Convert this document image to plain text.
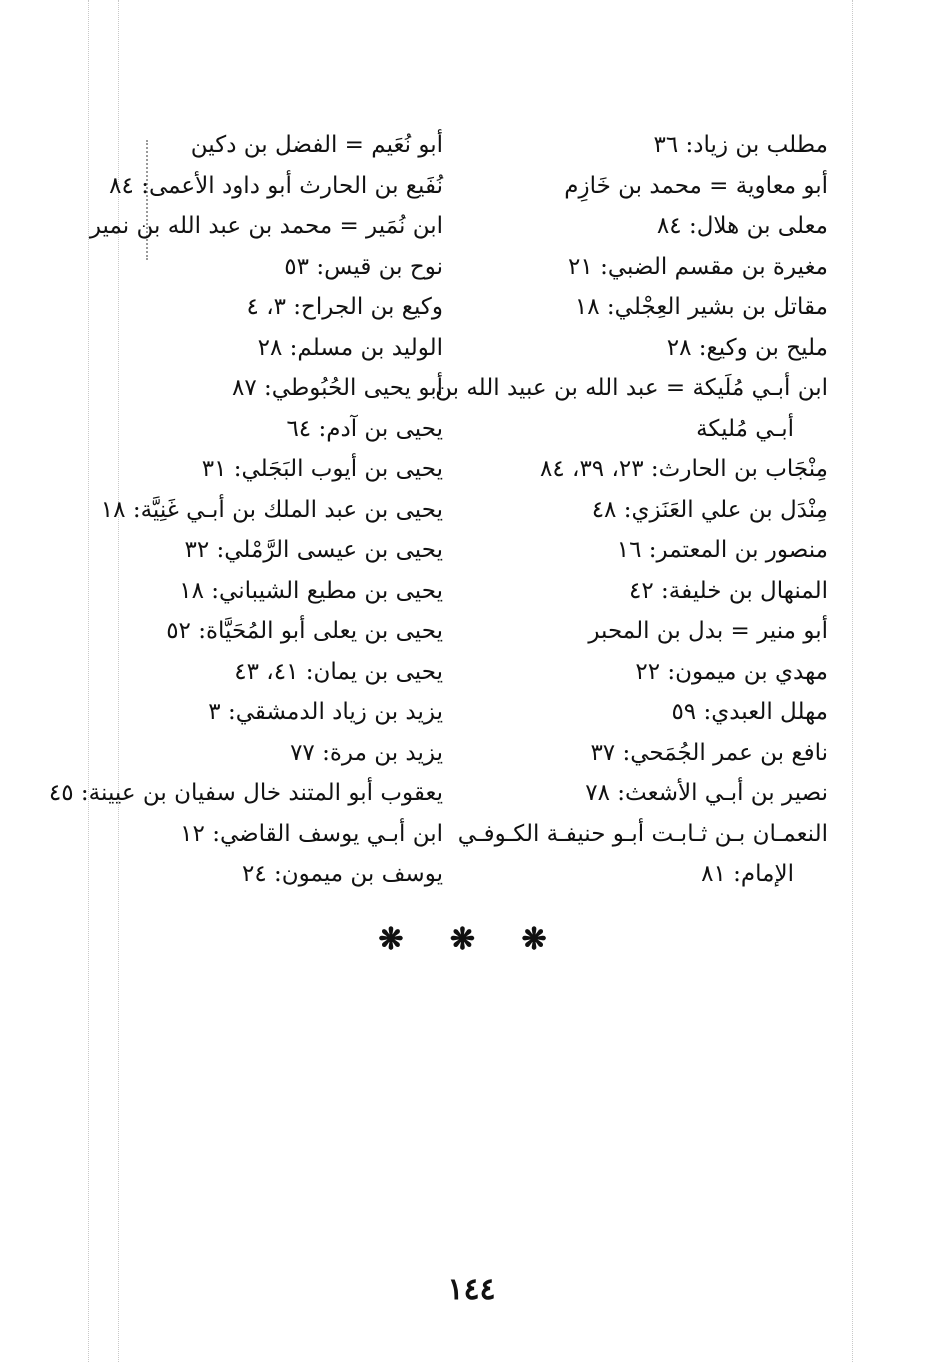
مطلب بن زياد: ٣٦
أبو معاوية = محمد بن خَازِم
معلى بن هلال: ٨٤
مغيرة بن مقسم الضبي: ٢١
مقاتل بن بشير العِجْلي: ١٨
مليح بن وكيع: ٢٨
ابن أبـي مُلَيكة = عبد الله بن عبيد الله بن
أبـي مُليكة
مِنْجَاب بن الحارث: ٢٣، ٣٩، ٨٤
مِنْدَل بن علي العَنَزي: ٤٨
منصور بن المعتمر: ١٦
المنهال بن خليفة: ٤٢
أبو منير = بدل بن المحبر
مهدي بن ميمون: ٢٢
مهلل العبدي: ٥٩
نافع بن عمر الجُمَحي: ٣٧
نصير بن أبـي الأشعث: ٧٨
النعمـان بـن ثـابـت أبـو حنيفـة الكـوفـي
الإمام: ٨١
أبو نُعَيم = الفضل بن دكين
نُفَيع بن الحارث أبو داود الأعمى: ٨٤
ابن نُمَير = محمد بن عبد الله بن نمير
نوح بن قيس: ٥٣
وكيع بن الجراح: ٣، ٤
الوليد بن مسلم: ٢٨
أبو يحيى الحُبُوطي: ٨٧
يحيى بن آدم: ٦٤
يحيى بن أيوب البَجَلي: ٣١
يحيى بن عبد الملك بن أبـي غَنِيَّة: ١٨
يحيى بن عيسى الرَّمْلي: ٣٢
يحيى بن مطيع الشيباني: ١٨
يحيى بن يعلى أبو المُحَيَّاة: ٥٢
يحيى بن يمان: ٤١، ٤٣
يزيد بن زياد الدمشقي: ٣
يزيد بن مرة: ٧٧
يعقوب أبو المتند خال سفيان بن عيينة: ٤٥
ابن أبـي يوسف القاضي: ١٢
يوسف بن ميمون: ٢٤
❋ ❋ ❋
١٤٤
